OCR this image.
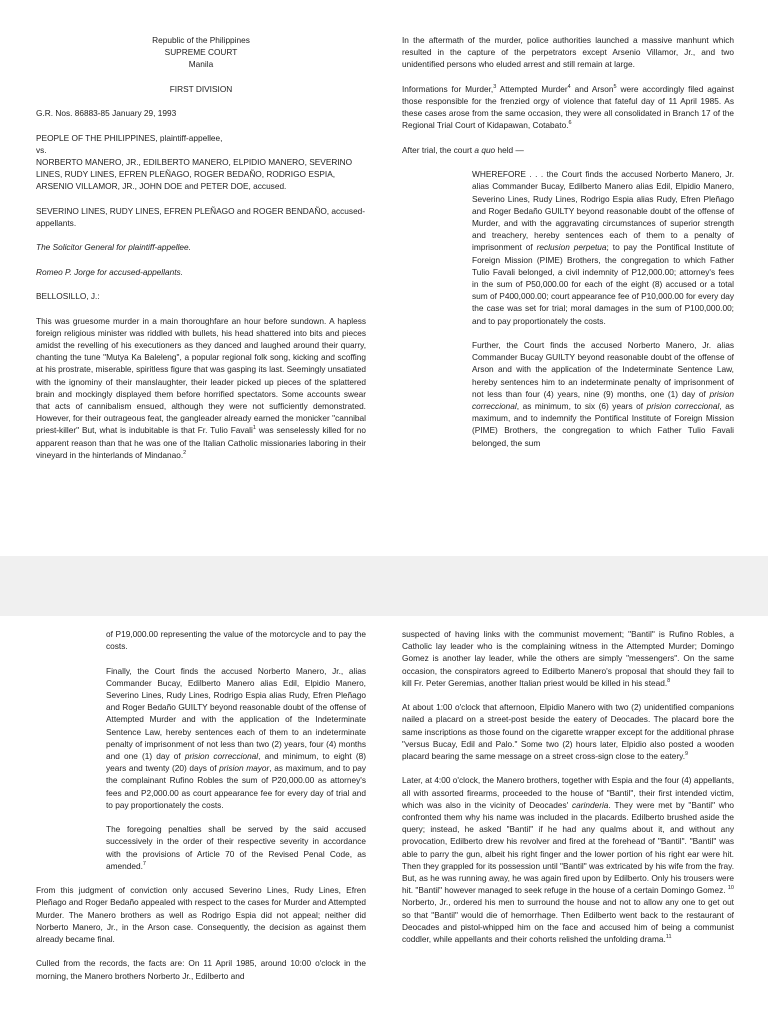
Republic of the Philippines

SUPREME COURT

Manila

FIRST DIVISION

G.R. Nos. 86883-85 January 29, 1993

PEOPLE OF THE PHILIPPINES, plaintiff-appellee,

vs.

NORBERTO MANERO, JR., EDILBERTO MANERO, ELPIDIO MANERO, SEVERINO LINES, RUDY LINES, EFREN PLEÑAGO, ROGER BEDAÑO, RODRIGO ESPIA, ARSENIO VILLAMOR, JR., JOHN DOE and PETER DOE, accused.

SEVERINO LINES, RUDY LINES, EFREN PLEÑAGO and ROGER BENDAÑO, accused-appellants.

The Solicitor General for plaintiff-appellee.

Romeo P. Jorge for accused-appellants.

BELLOSILLO, J.:

This was gruesome murder in a main thoroughfare an hour before sundown. A hapless foreign religious minister was riddled with bullets, his head shattered into bits and pieces amidst the revelling of his executioners as they danced and laughed around their quarry, chanting the tune "Mutya Ka Baleleng", a popular regional folk song, kicking and scoffing at his prostrate, miserable, spiritless figure that was gasping its last. Seemingly unsatiated with the ignominy of their manslaughter, their leader picked up pieces of the splattered brain and mockingly displayed them before horrified spectators. Some accounts swear that acts of cannibalism ensued, although they were not sufficiently demonstrated. However, for their outrageous feat, the gangleader already earned the monicker "cannibal priest-killer" But, what is indubitable is that Fr. Tulio Favali$^1$ was senselessly killed for no apparent reason than that he was one of the Italian Catholic missionaries laboring in their vineyard in the hinterlands of Mindanao.$^2$

In the aftermath of the murder, police authorities launched a massive manhunt which resulted in the capture of the perpetrators except Arsenio Villamor, Jr., and two unidentified persons who eluded arrest and still remain at large.

Informations for Murder,$^3$ Attempted Murder$^4$ and Arson$^5$ were accordingly filed against those responsible for the frenzied orgy of violence that fateful day of 11 April 1985. As these cases arose from the same occasion, they were all consolidated in Branch 17 of the Regional Trial Court of Kidapawan, Cotabato.$^6$

After trial, the court a quo held —

WHEREFORE . . . the Court finds the accused Norberto Manero, Jr. alias Commander Bucay, Edilberto Manero alias Edil, Elpidio Manero, Severino Lines, Rudy Lines, Rodrigo Espia alias Rudy, Efren Pleñago and Roger Bedaño GUILTY beyond reasonable doubt of the offense of Murder, and with the aggravating circumstances of superior strength and treachery, hereby sentences each of them to a penalty of imprisonment of reclusion perpetua; to pay the Pontifical Institute of Foreign Mission (PIME) Brothers, the congregation to which Father Tulio Favali belonged, a civil indemnity of P12,000.00; attorney's fees in the sum of P50,000.00 for each of the eight (8) accused or a total sum of P400,000.00; court appearance fee of P10,000.00 for every day the case was set for trial; moral damages in the sum of P100,000.00; and to pay proportionately the costs.

Further, the Court finds the accused Norberto Manero, Jr. alias Commander Bucay GUILTY beyond reasonable doubt of the offense of Arson and with the application of the Indeterminate Sentence Law, hereby sentences him to an indeterminate penalty of imprisonment of not less than four (4) years, nine (9) months, one (1) day of prision correccional, as minimum, to six (6) years of prision correccional, as maximum, and to indemnify the Pontifical Institute of Foreign Mission (PIME) Brothers, the congregation to which Father Tulio Favali belonged, the sum

of P19,000.00 representing the value of the motorcycle and to pay the costs.

Finally, the Court finds the accused Norberto Manero, Jr., alias Commander Bucay, Edilberto Manero alias Edil, Elpidio Manero, Severino Lines, Rudy Lines, Rodrigo Espia alias Rudy, Efren Pleñago and Roger Bedaño GUILTY beyond reasonable doubt of the offense of Attempted Murder and with the application of the Indeterminate Sentence Law, hereby sentences each of them to an indeterminate penalty of imprisonment of not less than two (2) years, four (4) months and one (1) day of prision correccional, and minimum, to eight (8) years and twenty (20) days of prision mayor, as maximum, and to pay the complainant Rufino Robles the sum of P20,000.00 as attorney's fees and P2,000.00 as court appearance fee for every day of trial and to pay proportionately the costs.

The foregoing penalties shall be served by the said accused successively in the order of their respective severity in accordance with the provisions of Article 70 of the Revised Penal Code, as amended.$^7$

From this judgment of conviction only accused Severino Lines, Rudy Lines, Efren Pleñago and Roger Bedaño appealed with respect to the cases for Murder and Attempted Murder. The Manero brothers as well as Rodrigo Espia did not appeal; neither did Norberto Manero, Jr., in the Arson case. Consequently, the decision as against them already became final.

Culled from the records, the facts are: On 11 April 1985, around 10:00 o'clock in the morning, the Manero brothers Norberto Jr., Edilberto and

suspected of having links with the communist movement; "Bantil" is Rufino Robles, a Catholic lay leader who is the complaining witness in the Attempted Murder; Domingo Gomez is another lay leader, while the others are simply "messengers". On the same occasion, the conspirators agreed to Edilberto Manero's proposal that should they fail to kill Fr. Peter Geremias, another Italian priest would be killed in his stead.$^8$

At about 1:00 o'clock that afternoon, Elpidio Manero with two (2) unidentified companions nailed a placard on a street-post beside the eatery of Deocades. The placard bore the same inscriptions as those found on the cigarette wrapper except for the additional phrase "versus Bucay, Edil and Palo." Some two (2) hours later, Elpidio also posted a wooden placard bearing the same message on a street cross-sign close to the eatery.$^9$

Later, at 4:00 o'clock, the Manero brothers, together with Espia and the four (4) appellants, all with assorted firearms, proceeded to the house of "Bantil", their first intended victim, which was also in the vicinity of Deocades' carinderia. They were met by "Bantil" who confronted them why his name was included in the placards. Edilberto brushed aside the query; instead, he asked "Bantil" if he had any qualms about it, and without any provocation, Edilberto drew his revolver and fired at the forehead of "Bantil". "Bantil" was able to parry the gun, albeit his right finger and the lower portion of his right ear were hit. Then they grappled for its possession until "Bantil" was extricated by his wife from the fray. But, as he was running away, he was again fired upon by Edilberto. Only his trousers were hit. "Bantil" however managed to seek refuge in the house of a certain Domingo Gomez. $^{10}$ Norberto, Jr., ordered his men to surround the house and not to allow any one to get out so that "Bantil" would die of hemorrhage. Then Edilberto went back to the restaurant of Deocades and pistol-whipped him on the face and accused him of being a communist coddler, while appellants and their cohorts relished the unfolding drama.$^{11}$
